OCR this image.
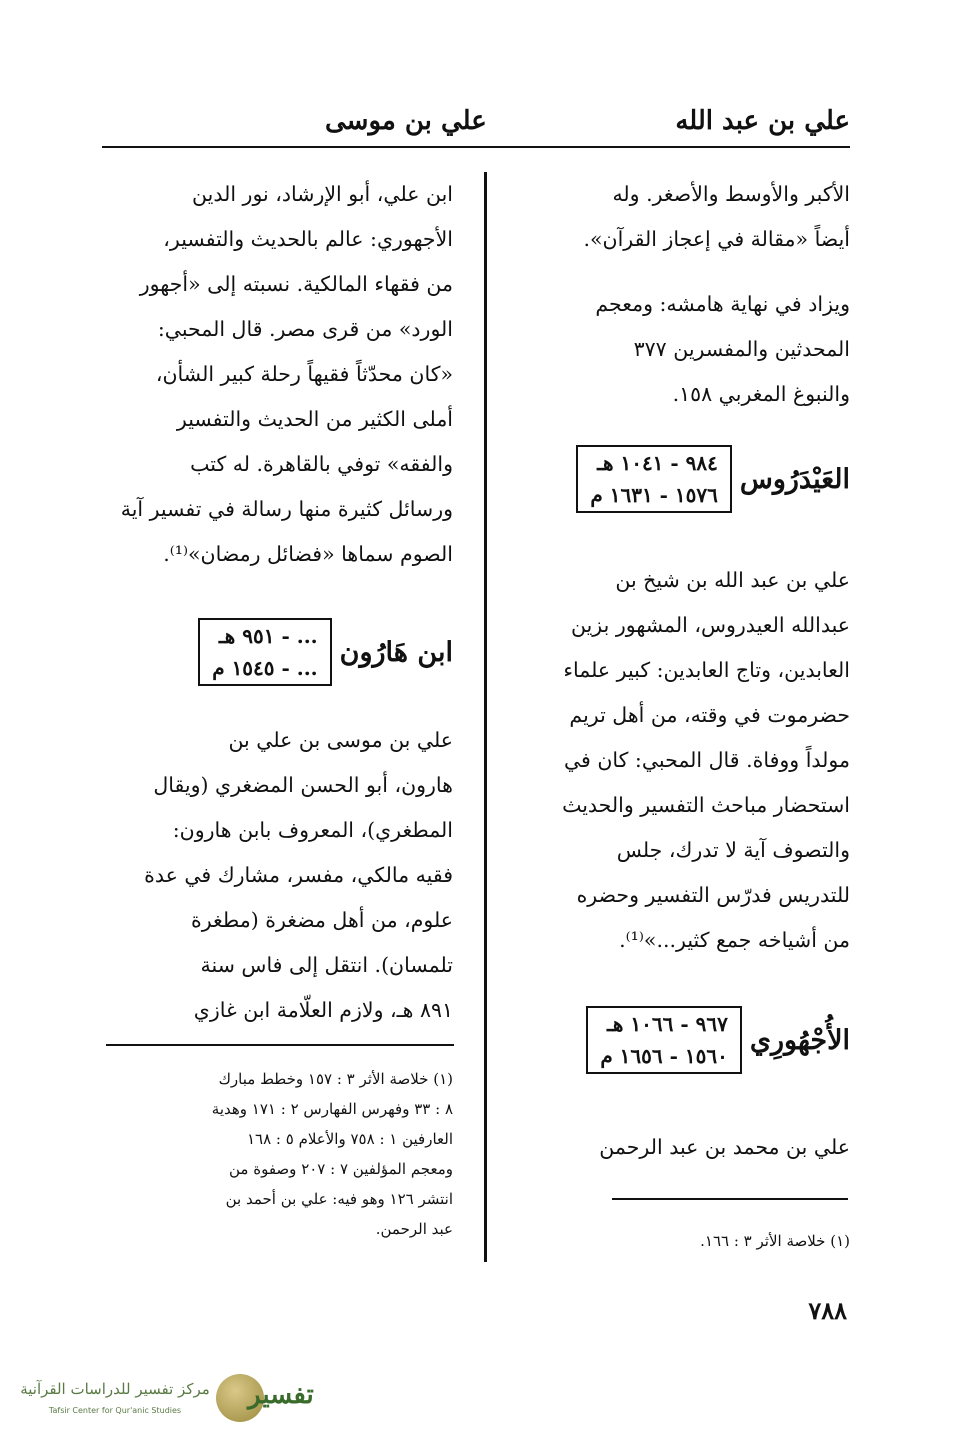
علي بن عبد الله
علي بن موسى

الأكبر والأوسط والأصغر. وله
أيضاً «مقالة في إعجاز القرآن».

ويزاد في نهاية هامشه: ومعجم
المحدثين والمفسرين ٣٧٧
والنبوغ المغربي ١٥٨.

العَيْدَرُوس
٩٨٤ - ١٠٤١ هـ
١٥٧٦ - ١٦٣١ م

علي بن عبد الله بن شيخ بن
عبدالله العيدروس، المشهور بزين
العابدين، وتاج العابدين: كبير علماء
حضرموت في وقته، من أهل تريم
مولداً ووفاة. قال المحبي: كان في
استحضار مباحث التفسير والحديث
والتصوف آية لا تدرك، جلس
للتدريس فدرّس التفسير وحضره
من أشياخه جمع كثير...»⁽¹⁾.

الأُجْهُورِي
٩٦٧ - ١٠٦٦ هـ
١٥٦٠ - ١٦٥٦ م

علي بن محمد بن عبد الرحمن

(١) خلاصة الأثر ٣ : ١٦٦.

ابن علي، أبو الإرشاد، نور الدين
الأجهوري: عالم بالحديث والتفسير،
من فقهاء المالكية. نسبته إلى «أجهور
الورد» من قرى مصر. قال المحبي:
«كان محدّثاً فقيهاً رحلة كبير الشأن،
أملى الكثير من الحديث والتفسير
والفقه» توفي بالقاهرة. له كتب
ورسائل كثيرة منها رسالة في تفسير آية
الصوم سماها «فضائل رمضان»⁽¹⁾.

ابن هَارُون
... - ٩٥١ هـ
... - ١٥٤٥ م

علي بن موسى بن علي بن
هارون، أبو الحسن المضغري (ويقال
المطغري)، المعروف بابن هارون:
فقيه مالكي، مفسر، مشارك في عدة
علوم، من أهل مضغرة (مطغرة
تلمسان). انتقل إلى فاس سنة
٨٩١ هـ، ولازم العلّامة ابن غازي

(١) خلاصة الأثر ٣ : ١٥٧ وخطط مبارك
٨ : ٣٣ وفهرس الفهارس ٢ : ١٧١ وهدية
العارفين ١ : ٧٥٨ والأعلام ٥ : ١٦٨
ومعجم المؤلفين ٧ : ٢٠٧ وصفوة من
انتشر ١٢٦ وهو فيه: علي بن أحمد بن
عبد الرحمن.

٧٨٨
تفسير
مركز تفسير للدراسات القرآنية
Tafsir Center for Qur'anic Studies
